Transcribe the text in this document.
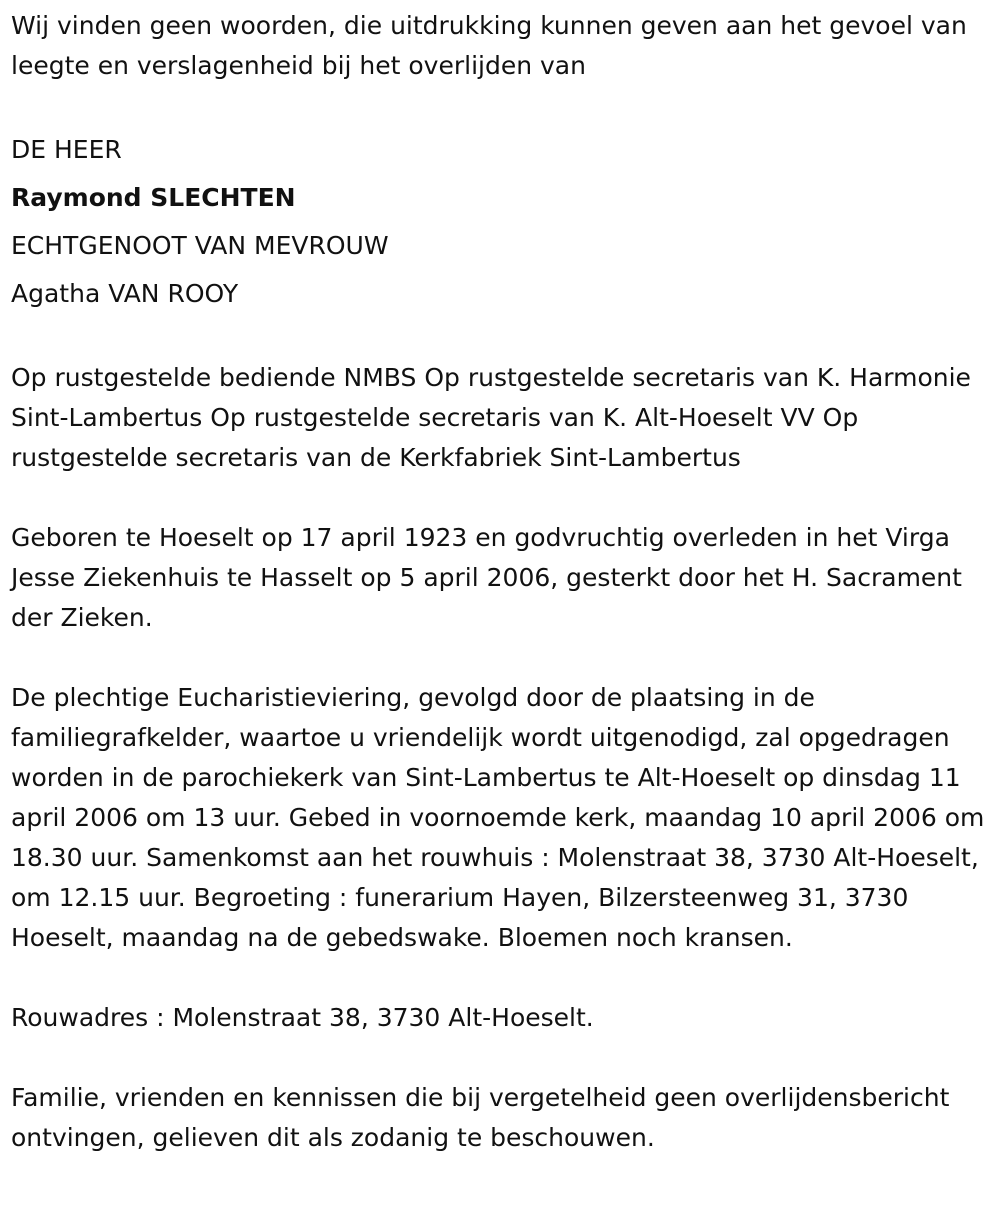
Wij vinden geen woorden, die uitdrukking kunnen geven aan het gevoel van leegte en verslagenheid bij het overlijden van

DE HEER

Raymond SLECHTEN

ECHTGENOOT VAN MEVROUW

Agatha VAN ROOY

Op rustgestelde bediende NMBS Op rustgestelde secretaris van K. Harmonie Sint-Lambertus Op rustgestelde secretaris van K. Alt-Hoeselt VV Op rustgestelde secretaris van de Kerkfabriek Sint-Lambertus

Geboren te Hoeselt op 17 april 1923 en godvruchtig overleden in het Virga Jesse Ziekenhuis te Hasselt op 5 april 2006, gesterkt door het H. Sacrament der Zieken.

De plechtige Eucharistieviering, gevolgd door de plaatsing in de familiegrafkelder, waartoe u vriendelijk wordt uitgenodigd, zal opgedragen worden in de parochiekerk van Sint-Lambertus te Alt-Hoeselt op dinsdag 11 april 2006 om 13 uur. Gebed in voornoemde kerk, maandag 10 april 2006 om 18.30 uur. Samenkomst aan het rouwhuis : Molenstraat 38, 3730 Alt-Hoeselt, om 12.15 uur. Begroeting : funerarium Hayen, Bilzersteenweg 31, 3730 Hoeselt, maandag na de gebedswake. Bloemen noch kransen.

Rouwadres : Molenstraat 38, 3730 Alt-Hoeselt.

Familie, vrienden en kennissen die bij vergetelheid geen overlijdensbericht ontvingen, gelieven dit als zodanig te beschouwen.
